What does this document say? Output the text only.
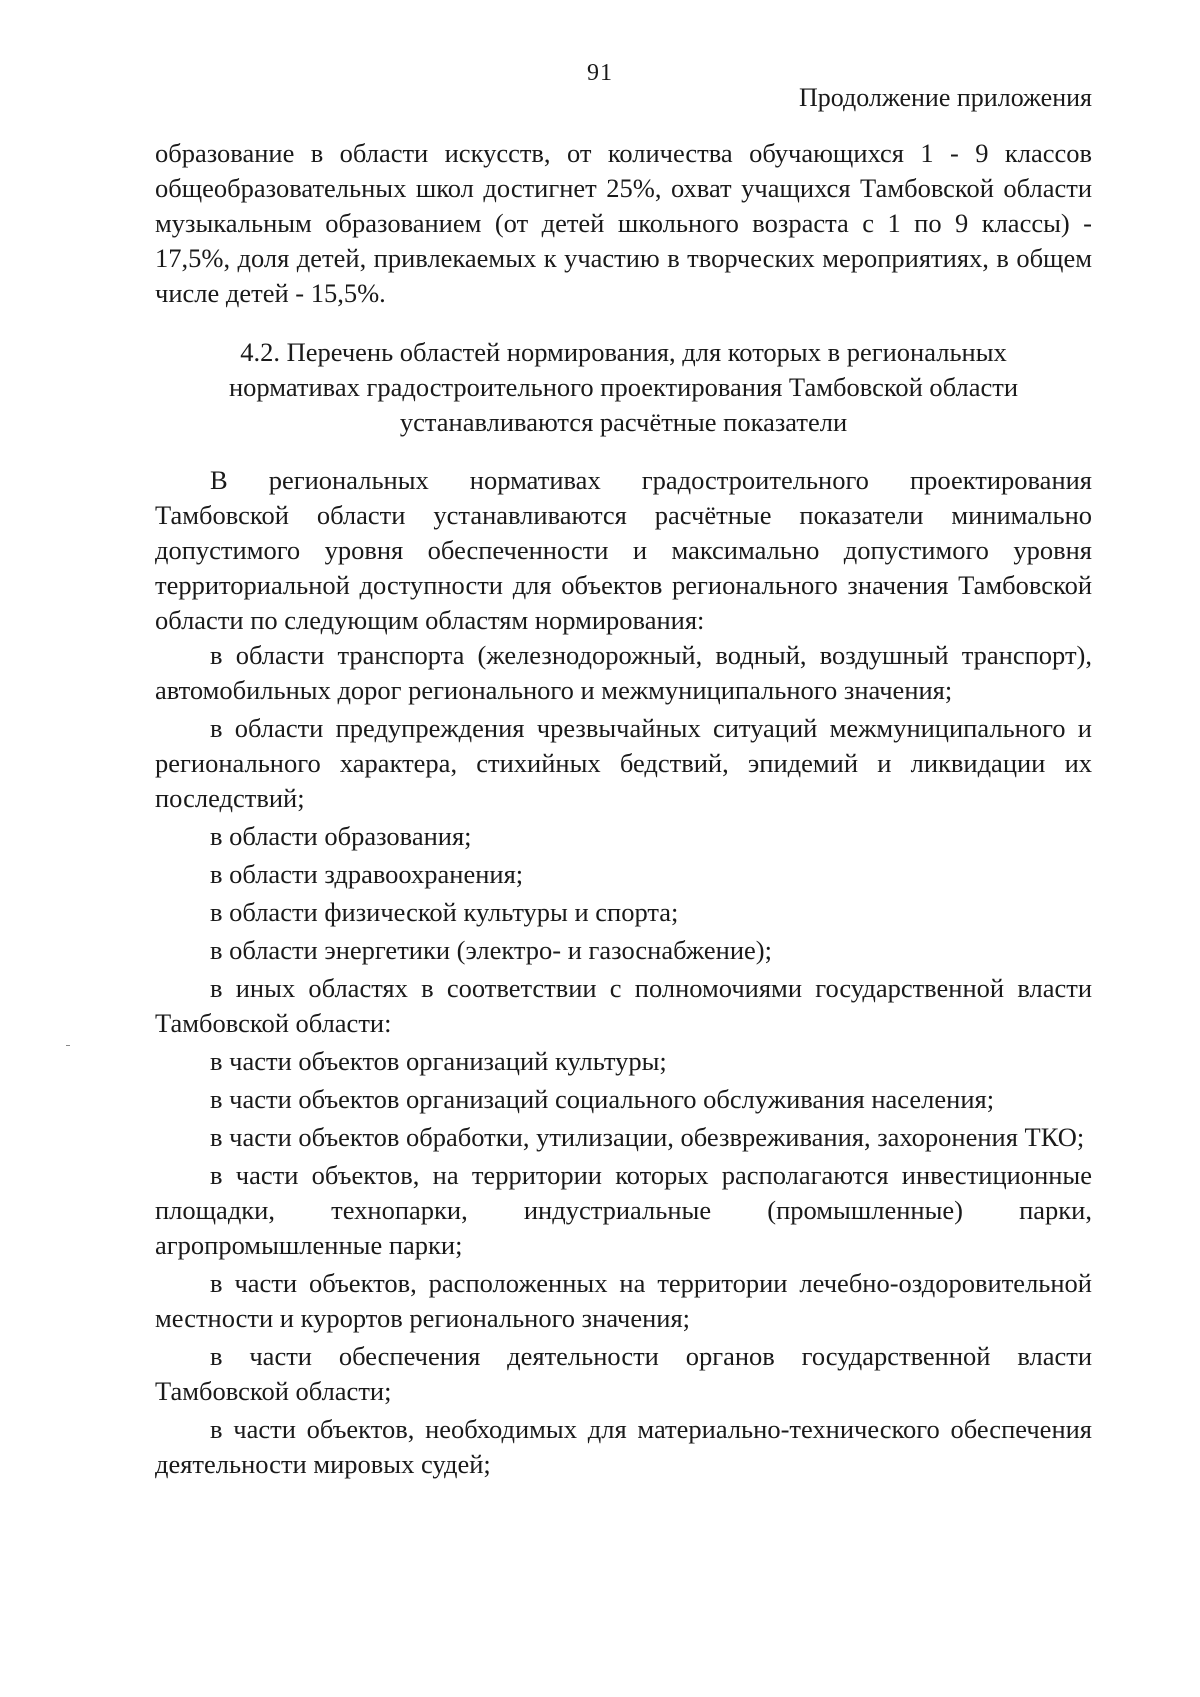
91
Продолжение приложения
образование в области искусств, от количества обучающихся 1 - 9 классов общеобразовательных школ достигнет 25%, охват учащихся Тамбовской области музыкальным образованием (от детей школьного возраста с 1 по 9 классы) - 17,5%, доля детей, привлекаемых к участию в творческих мероприятиях, в общем числе детей - 15,5%.
4.2. Перечень областей нормирования, для которых в региональных
нормативах градостроительного проектирования Тамбовской области
устанавливаются расчётные показатели

В региональных нормативах градостроительного проектирования Тамбовской области устанавливаются расчётные показатели минимально допустимого уровня обеспеченности и максимально допустимого уровня территориальной доступности для объектов регионального значения Тамбовской области по следующим областям нормирования:

в области транспорта (железнодорожный, водный, воздушный транспорт), автомобильных дорог регионального и межмуниципального значения;

в области предупреждения чрезвычайных ситуаций межмуниципального и регионального характера, стихийных бедствий, эпидемий и ликвидации их последствий;

в области образования;

в области здравоохранения;

в области физической культуры и спорта;

в области энергетики (электро- и газоснабжение);

в иных областях в соответствии с полномочиями государственной власти Тамбовской области:

в части объектов организаций культуры;

в части объектов организаций социального обслуживания населения;

в части объектов обработки, утилизации, обезвреживания, захоронения ТКО;

в части объектов, на территории которых располагаются инвестиционные площадки, технопарки, индустриальные (промышленные) парки, агропромышленные парки;

в части объектов, расположенных на территории лечебно-оздоровительной местности и курортов регионального значения;

в части обеспечения деятельности органов государственной власти Тамбовской области;

в части объектов, необходимых для материально-технического обеспечения деятельности мировых судей;
